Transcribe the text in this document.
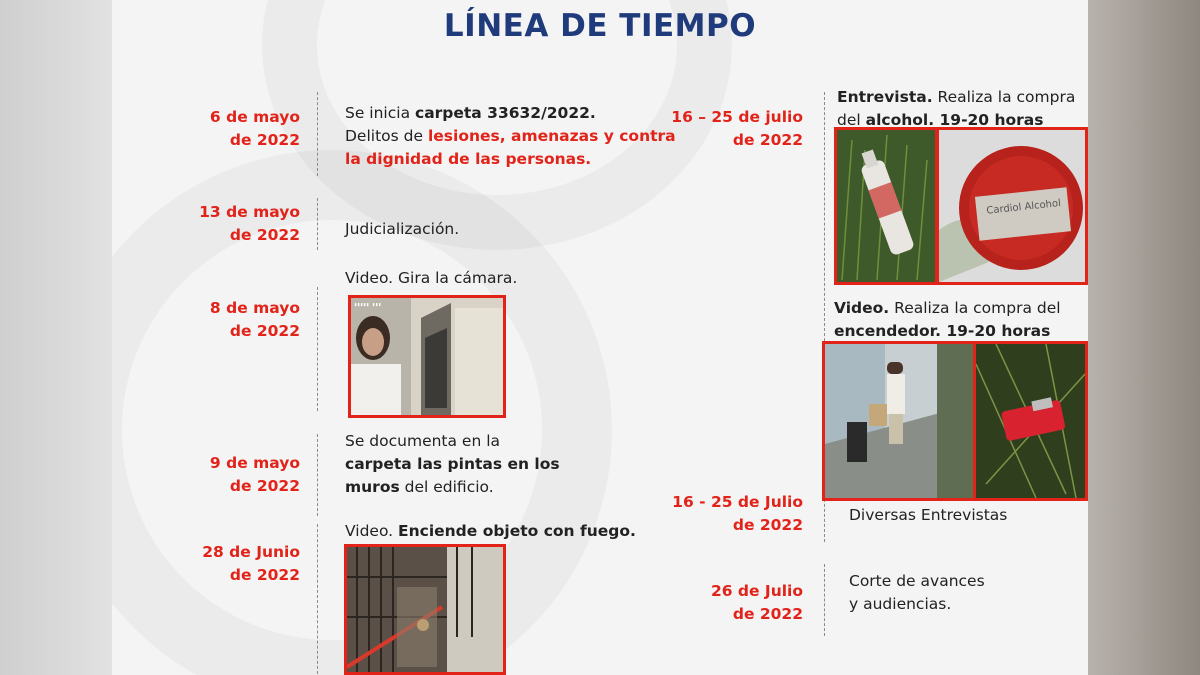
LÍNEA DE TIEMPO
6 de mayo
de 2022
Se inicia carpeta 33632/2022.
Delitos de lesiones, amenazas y contra
la dignidad de las personas.
13 de mayo
de 2022	Judicialización.
Video. Gira la cámara.
8 de mayo
de 2022
▮▮▮▮▮ ▮▮▮
9 de mayo
de 2022
Se documenta en la
carpeta las pintas en los
muros del edificio.
Video. Enciende objeto con fuego.
28 de Junio
de 2022
16 – 25 de julio
de 2022
Entrevista. Realiza la compra
del alcohol. 19-20 horas
Cardiol Alcohol
Video. Realiza la compra del
encendedor. 19-20 horas
16 - 25 de Julio
de 2022
Diversas Entrevistas
26 de Julio
de 2022
Corte de avances
y audiencias.
